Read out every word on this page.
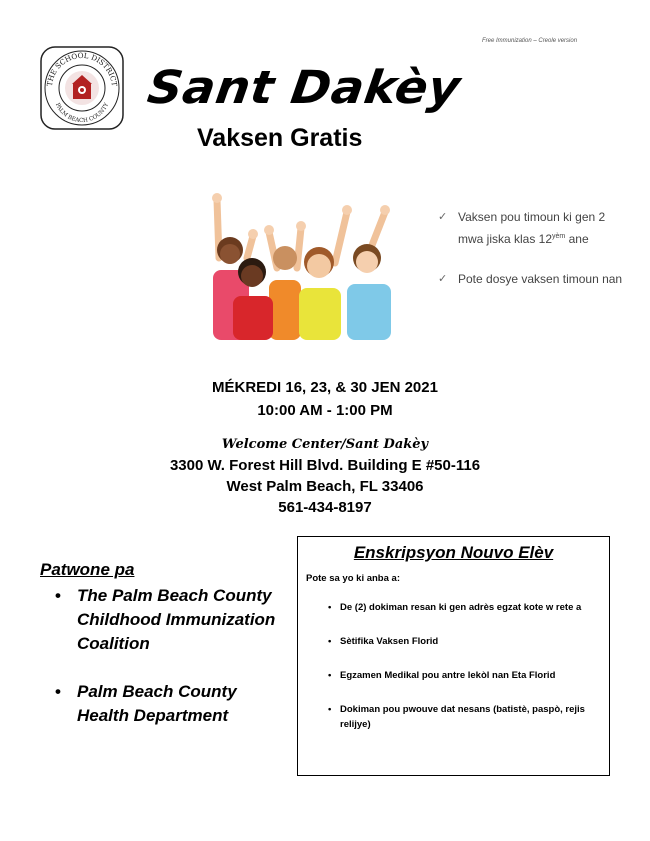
Free Immunization – Creole version
THE SCHOOL DISTRICT
PALM BEACH COUNTY Sant Dakèy
Vaksen Gratis
✓ Vaksen pou timoun ki gen 2 mwa jiska klas $12^{yèm}$ ane
✓ Pote dosye vaksen timoun nan
MÉKREDI 16, 23, & 30 JEN 2021
10:00 AM - 1:00 PM
Welcome Center/Sant Dakèy
3300 W. Forest Hill Blvd. Building E #50-116
West Palm Beach, FL 33406
561-434-8197
Patwone pa
• The Palm Beach County Childhood Immunization Coalition
• Palm Beach County Health Department
Enskripsyon Nouvo Elèv
Pote sa yo ki anba a:
• De (2) dokiman resan ki gen adrès egzat kote w rete a
• Sètifika Vaksen Florid
• Egzamen Medikal pou antre lekòl nan Eta Florid
• Dokiman pou pwouve dat nesans (batistè, paspò, rejis relijye)
